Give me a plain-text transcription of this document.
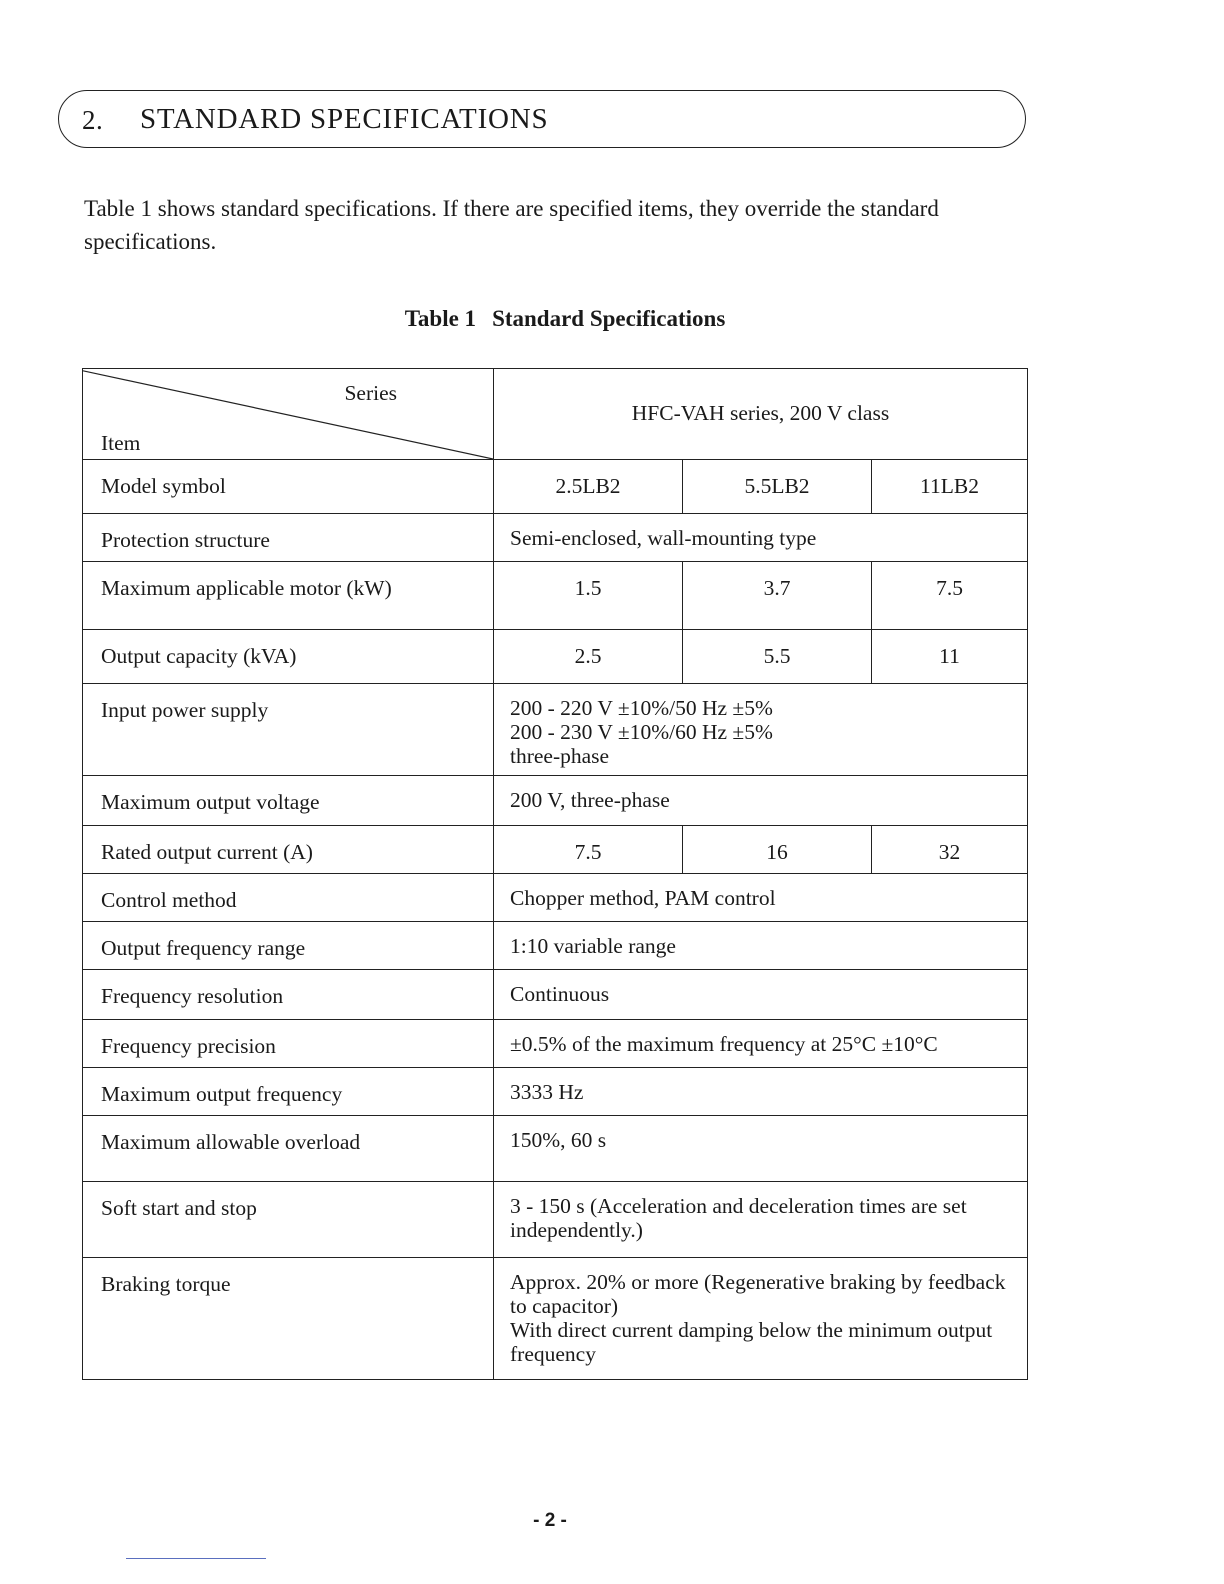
2. STANDARD SPECIFICATIONS

Table 1 shows standard specifications. If there are specified items, they override the standard specifications.

Table 1 Standard Specifications
Series
Item	HFC-VAH series, 200 V class		
Model symbol	2.5LB2	5.5LB2	11LB2
Protection structure	Semi-enclosed, wall-mounting type		
Maximum applicable motor (kW)	1.5	3.7	7.5
Output capacity (kVA)	2.5	5.5	11
Input power supply	200 - 220 V ±10%/50 Hz ±5%
200 - 230 V ±10%/60 Hz ±5%
three-phase		
Maximum output voltage	200 V, three-phase		
Rated output current (A)	7.5	16	32
Control method	Chopper method, PAM control		
Output frequency range	1:10 variable range		
Frequency resolution	Continuous		
Frequency precision	±0.5% of the maximum frequency at 25°C ±10°C		
Maximum output frequency	3333 Hz		
Maximum allowable overload	150%, 60 s		
Soft start and stop	3 - 150 s (Acceleration and deceleration times are set independently.)		
Braking torque	Approx. 20% or more (Regenerative braking by feedback to capacitor)
With direct current damping below the minimum output frequency		
- 2 -
